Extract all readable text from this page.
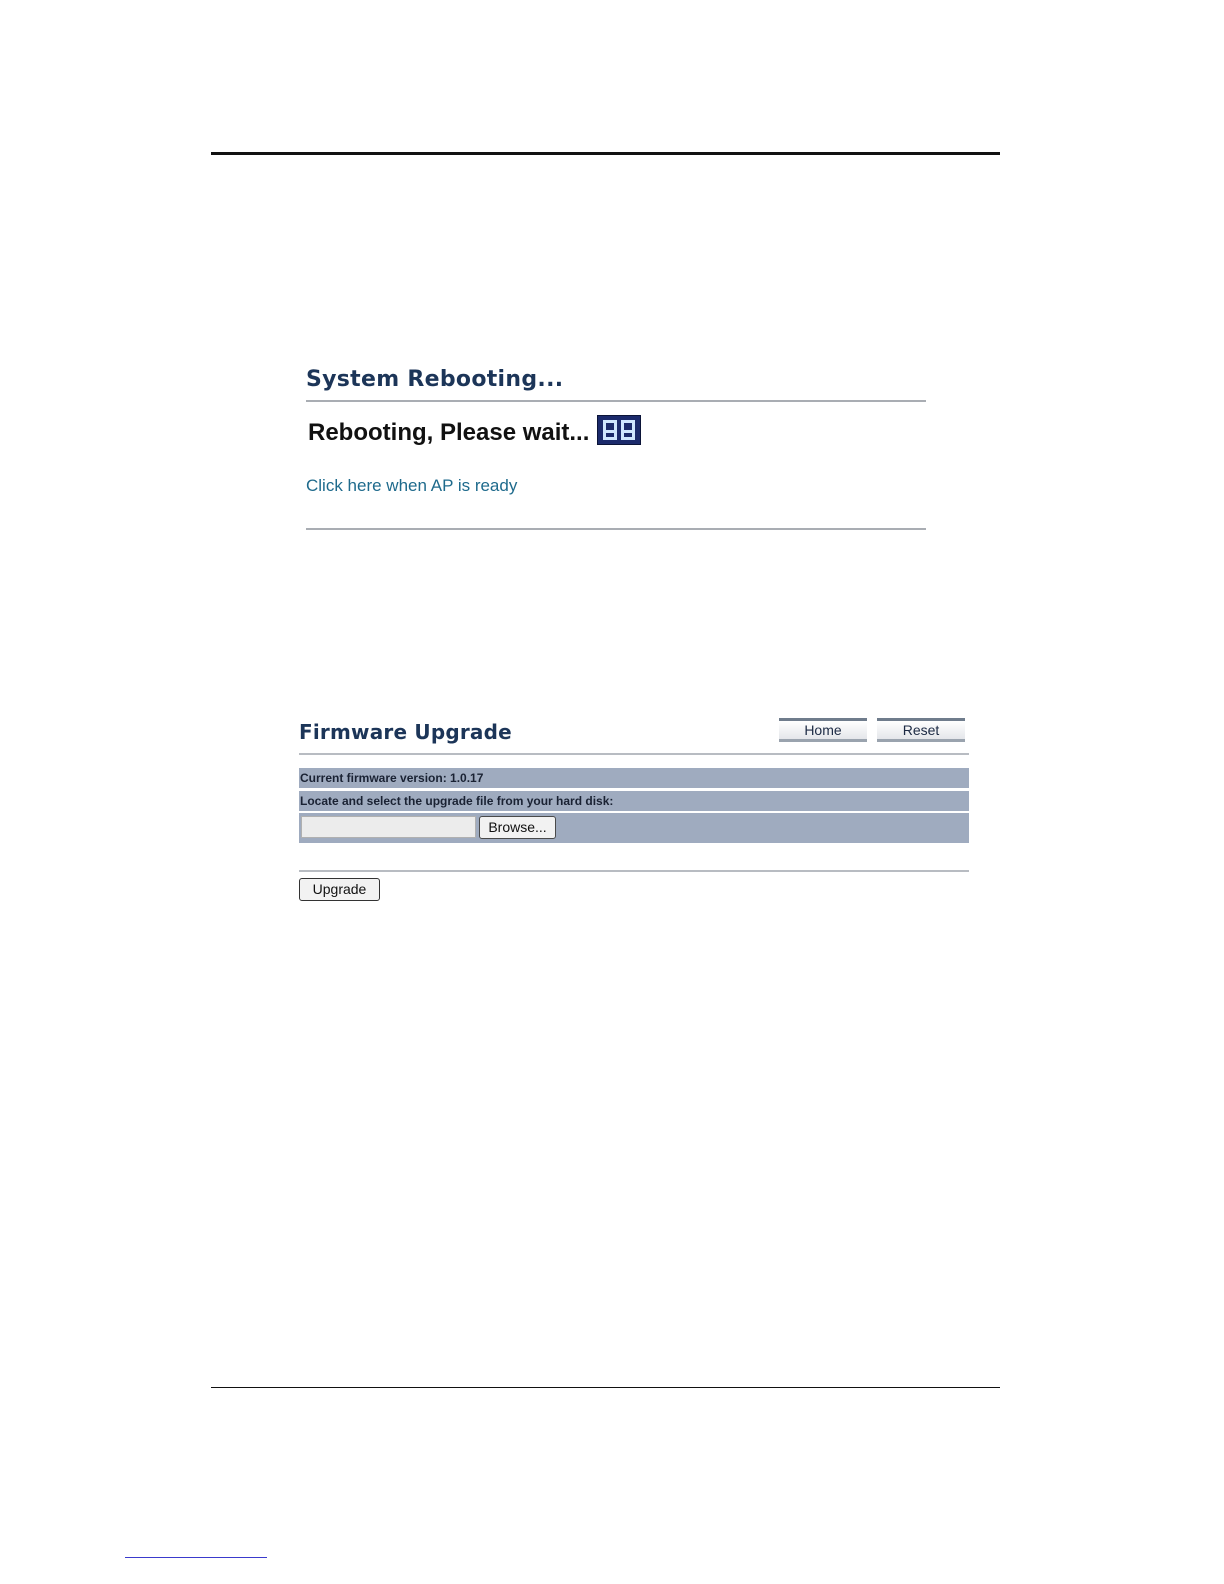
System Rebooting...
Rebooting, Please wait...
Click here when AP is ready
Firmware Upgrade	Home	Reset
Current firmware version: 1.0.17
Locate and select the upgrade file from your hard disk:
Browse...
Upgrade
